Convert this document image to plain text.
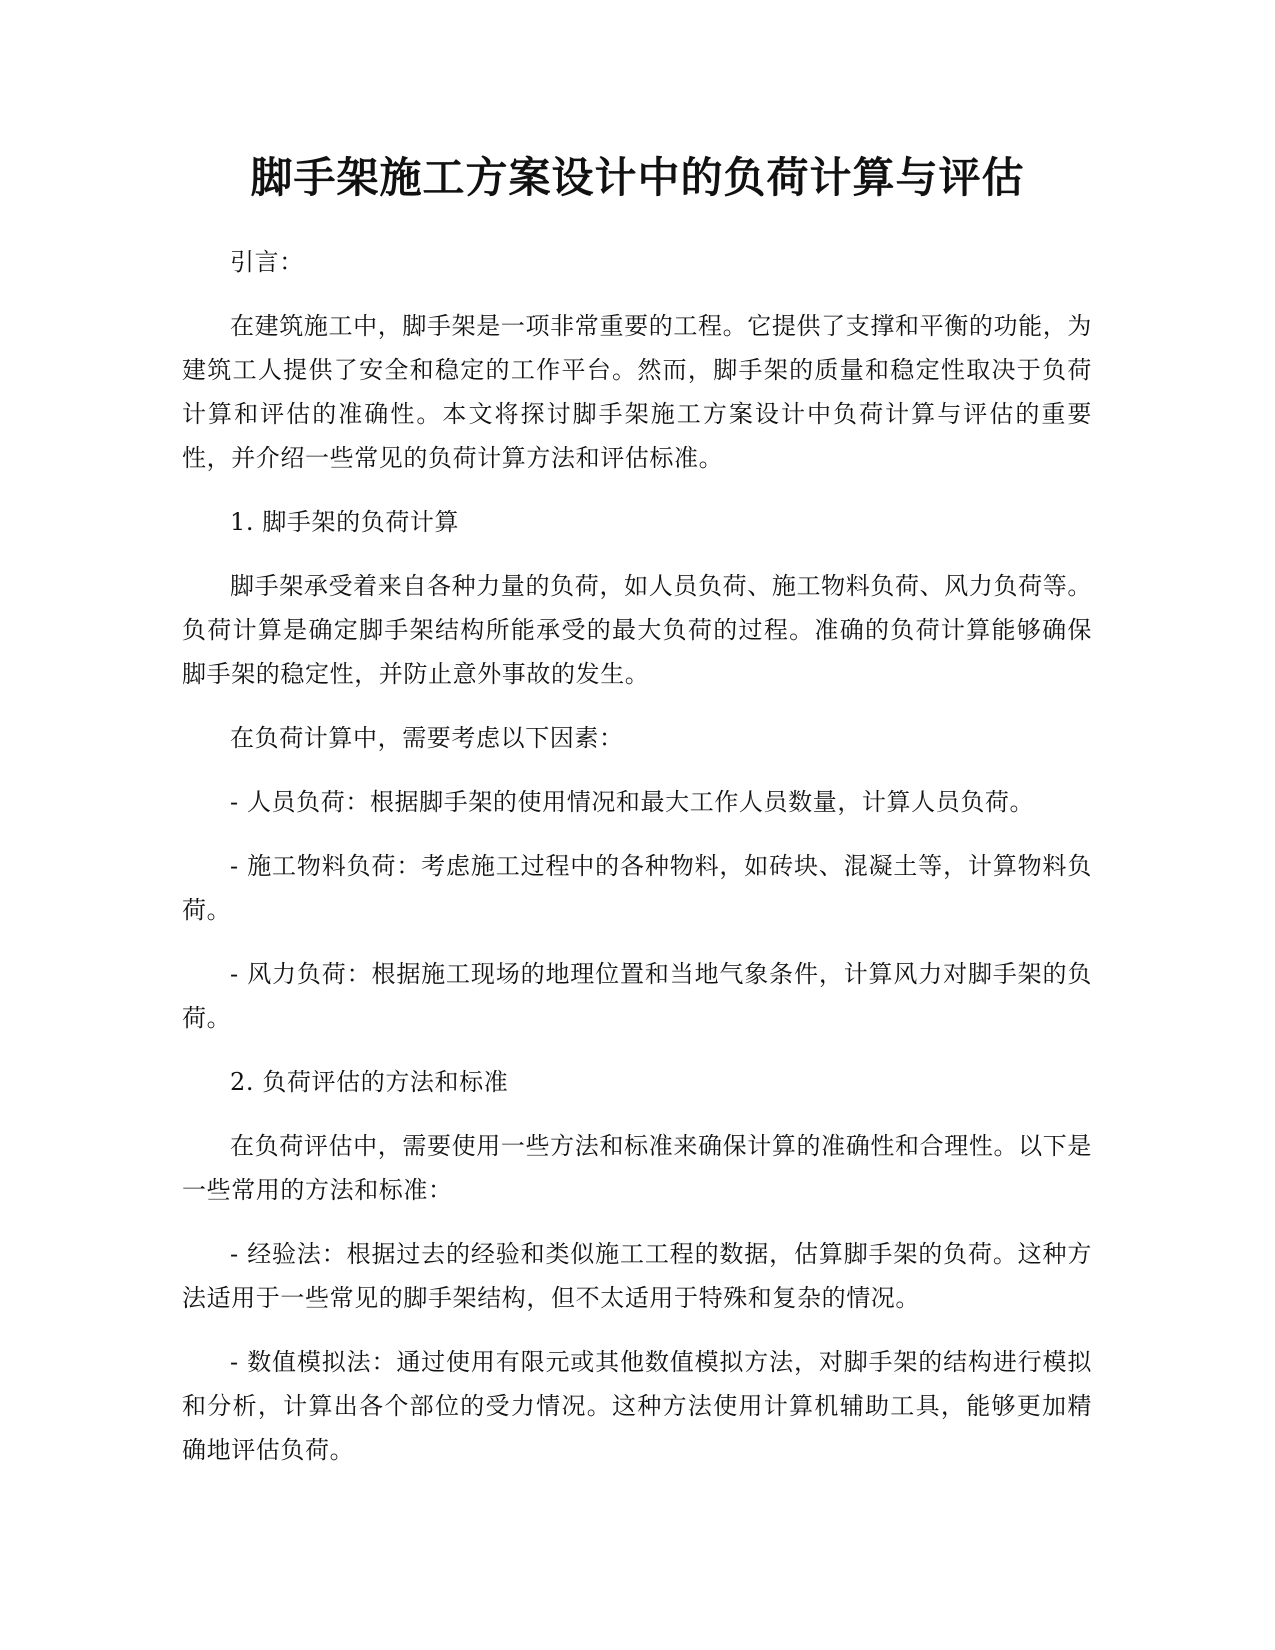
脚手架施工方案设计中的负荷计算与评估

引言：

在建筑施工中，脚手架是一项非常重要的工程。它提供了支撑和平衡的功能，为建筑工人提供了安全和稳定的工作平台。然而，脚手架的质量和稳定性取决于负荷计算和评估的准确性。本文将探讨脚手架施工方案设计中负荷计算与评估的重要性，并介绍一些常见的负荷计算方法和评估标准。

1. 脚手架的负荷计算

脚手架承受着来自各种力量的负荷，如人员负荷、施工物料负荷、风力负荷等。负荷计算是确定脚手架结构所能承受的最大负荷的过程。准确的负荷计算能够确保脚手架的稳定性，并防止意外事故的发生。

在负荷计算中，需要考虑以下因素：

- 人员负荷：根据脚手架的使用情况和最大工作人员数量，计算人员负荷。

- 施工物料负荷：考虑施工过程中的各种物料，如砖块、混凝土等，计算物料负荷。

- 风力负荷：根据施工现场的地理位置和当地气象条件，计算风力对脚手架的负荷。

2. 负荷评估的方法和标准

在负荷评估中，需要使用一些方法和标准来确保计算的准确性和合理性。以下是一些常用的方法和标准：

- 经验法：根据过去的经验和类似施工工程的数据，估算脚手架的负荷。这种方法适用于一些常见的脚手架结构，但不太适用于特殊和复杂的情况。

- 数值模拟法：通过使用有限元或其他数值模拟方法，对脚手架的结构进行模拟和分析，计算出各个部位的受力情况。这种方法使用计算机辅助工具，能够更加精确地评估负荷。
